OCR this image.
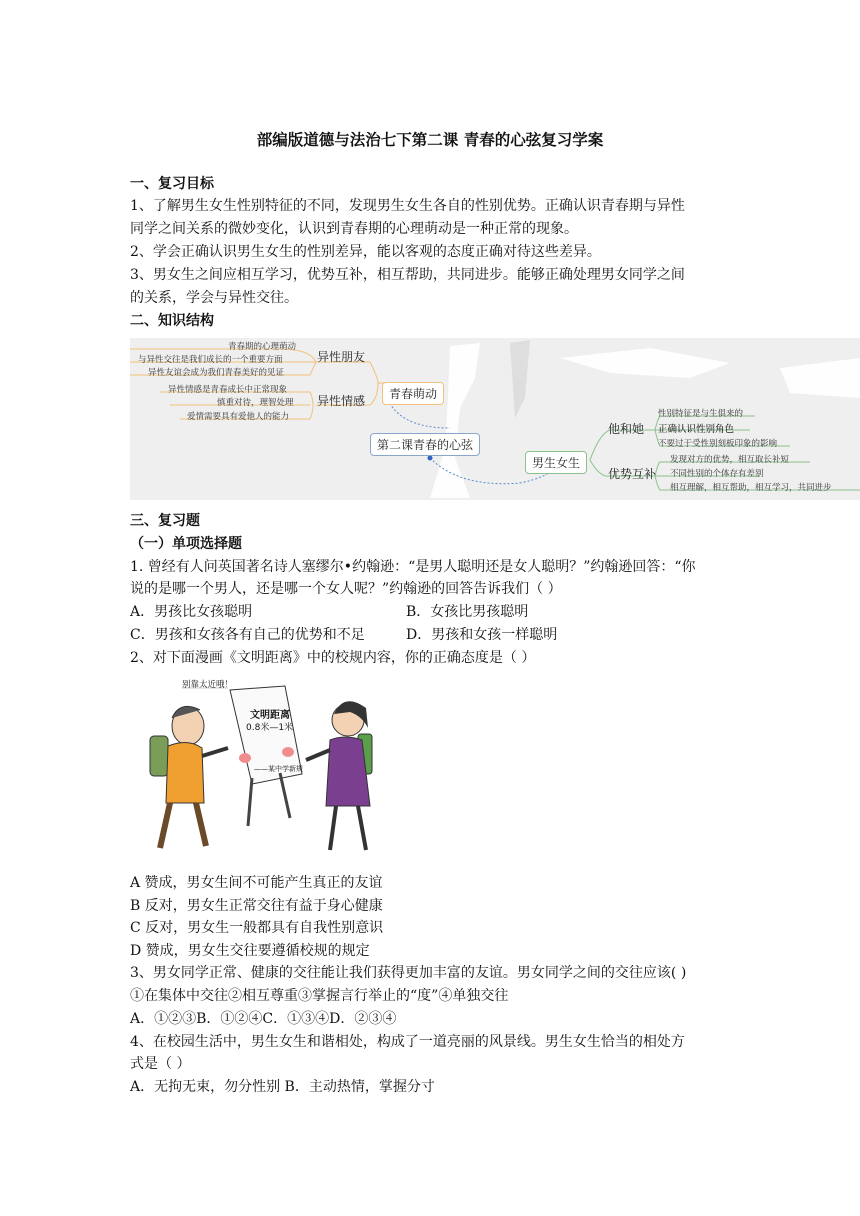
部编版道德与法治七下第二课 青春的心弦复习学案
一、复习目标
1、了解男生女生性别特征的不同，发现男生女生各自的性别优势。正确认识青春期与异性
同学之间关系的微妙变化，认识到青春期的心理萌动是一种正常的现象。
2、学会正确认识男生女生的性别差异，能以客观的态度正确对待这些差异。
3、男女生之间应相互学习，优势互补，相互帮助，共同进步。能够正确处理男女同学之间
的关系，学会与异性交往。
二、知识结构
青春期的心理萌动
与异性交往是我们成长的一个重要方面
异性友谊会成为我们青春美好的见证
异性朋友
异性情感是青春成长中正常现象
慎重对待，理智处理
爱情需要具有爱他人的能力
异性情感	青春萌动
第二课青春的心弦
男生女生
他和她
性别特征是与生俱来的
正确认识性别角色
不要过于受性别刻板印象的影响
优势互补
发现对方的优势，相互取长补短
不同性别的个体存有差别
相互理解，相互帮助，相互学习，共同进步
三、复习题
（一）单项选择题
1. 曾经有人问英国著名诗人塞缪尔•约翰逊：“是男人聪明还是女人聪明？”约翰逊回答：“你
说的是哪一个男人，还是哪一个女人呢？”约翰逊的回答告诉我们（ ）
A．男孩比女孩聪明	B．女孩比男孩聪明
C．男孩和女孩各有自己的优势和不足	D．男孩和女孩一样聪明
2、对下面漫画《文明距离》中的校规内容，你的正确态度是（ ）
别靠太近哦！
文明距离
0.8米—1米
——某中学新规
A 赞成，男女生间不可能产生真正的友谊
B 反对，男女生正常交往有益于身心健康
C 反对，男女生一般都具有自我性别意识
D 赞成，男女生交往要遵循校规的规定
3、男女同学正常、健康的交往能让我们获得更加丰富的友谊。男女同学之间的交往应该( )
①在集体中交往②相互尊重③掌握言行举止的“度”④单独交往
A．①②③B．①②④C．①③④D．②③④
4、在校园生活中，男生女生和谐相处，构成了一道亮丽的风景线。男生女生恰当的相处方
式是（ ）
A．无拘无束，勿分性别 B．主动热情，掌握分寸
